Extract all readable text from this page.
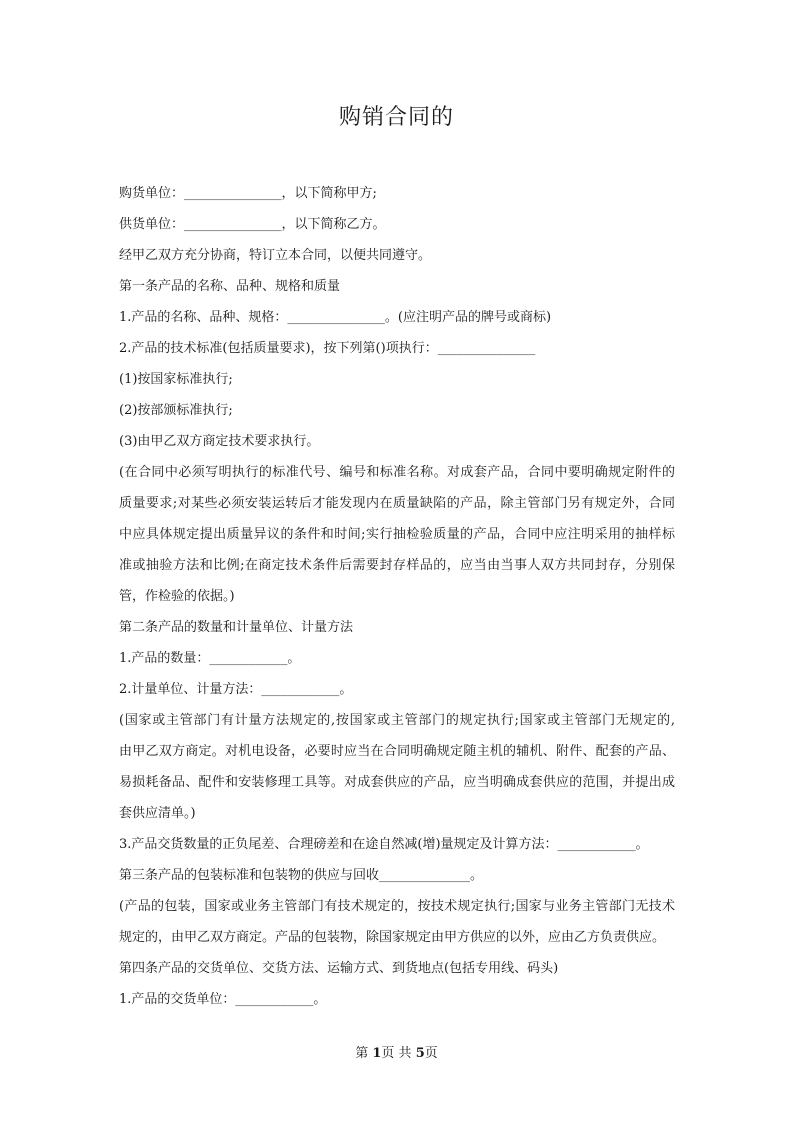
购销合同的
购货单位：_______________，以下简称甲方;
供货单位：_______________，以下简称乙方。
经甲乙双方充分协商，特订立本合同，以便共同遵守。
第一条产品的名称、品种、规格和质量
1.产品的名称、品种、规格：_______________。(应注明产品的牌号或商标)
2.产品的技术标准(包括质量要求)，按下列第()项执行：_______________
(1)按国家标准执行;
(2)按部颁标准执行;
(3)由甲乙双方商定技术要求执行。
(在合同中必须写明执行的标准代号、编号和标准名称。对成套产品，合同中要明确规定附件的
质量要求;对某些必须安装运转后才能发现内在质量缺陷的产品，除主管部门另有规定外，合同
中应具体规定提出质量异议的条件和时间;实行抽检验质量的产品，合同中应注明采用的抽样标
准或抽验方法和比例;在商定技术条件后需要封存样品的，应当由当事人双方共同封存，分别保
管，作检验的依据。)
第二条产品的数量和计量单位、计量方法
1.产品的数量：____________。
2.计量单位、计量方法：____________。
(国家或主管部门有计量方法规定的,按国家或主管部门的规定执行;国家或主管部门无规定的,
由甲乙双方商定。对机电设备，必要时应当在合同明确规定随主机的辅机、附件、配套的产品、
易损耗备品、配件和安装修理工具等。对成套供应的产品，应当明确成套供应的范围，并提出成
套供应清单。)
3.产品交货数量的正负尾差、合理磅差和在途自然减(增)量规定及计算方法：____________。
第三条产品的包装标准和包装物的供应与回收______________。
(产品的包装，国家或业务主管部门有技术规定的，按技术规定执行;国家与业务主管部门无技术
规定的，由甲乙双方商定。产品的包装物，除国家规定由甲方供应的以外，应由乙方负责供应。
第四条产品的交货单位、交货方法、运输方式、到货地点(包括专用线、码头)
1.产品的交货单位：____________。
第 1页 共 5页
